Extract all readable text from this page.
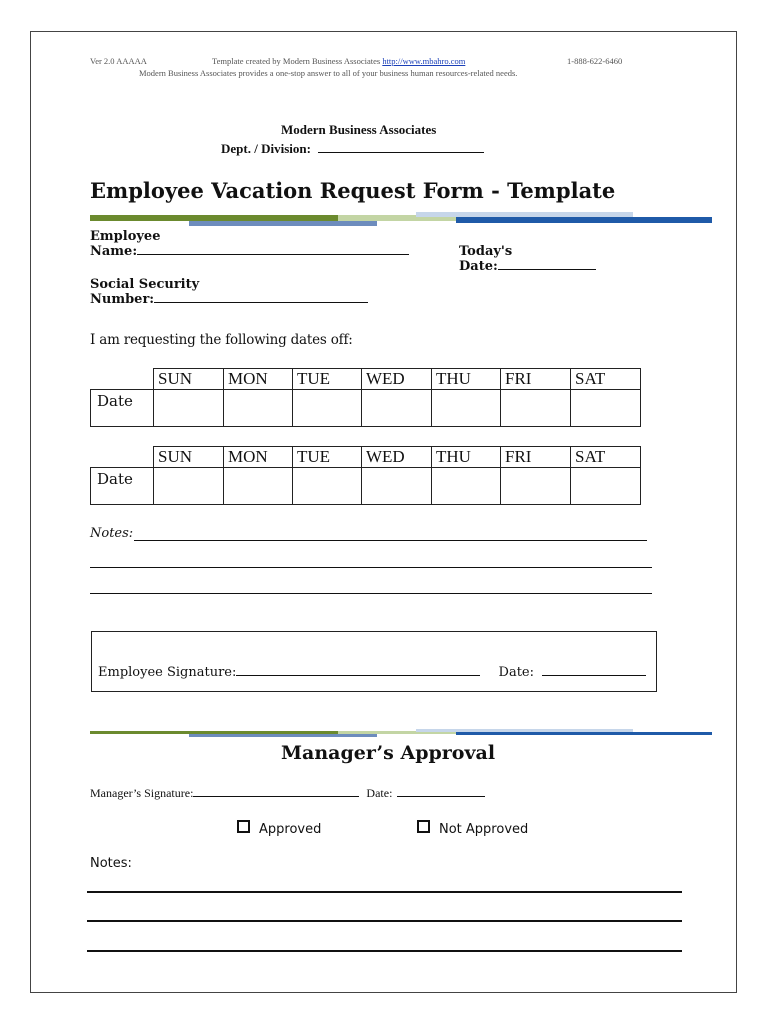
Ver 2.0 AAAAA	Template created by Modern Business Associates http://www.mbahro.com	1-888-622-6460
Modern Business Associates provides a one-stop answer to all of your business human resources-related needs.
Modern Business Associates
Dept. / Division:
Employee Vacation Request Form - Template
Employee
Name:	Today's
Date:
Social Security
Number:
I am requesting the following dates off:
	SUN	MON	TUE	WED	THU	FRI	SAT
Date							
	SUN	MON	TUE	WED	THU	FRI	SAT
Date							
Notes:
Employee Signature:	Date:
Manager’s Approval
Manager’s Signature:	Date:
Approved	Not Approved
Notes:
